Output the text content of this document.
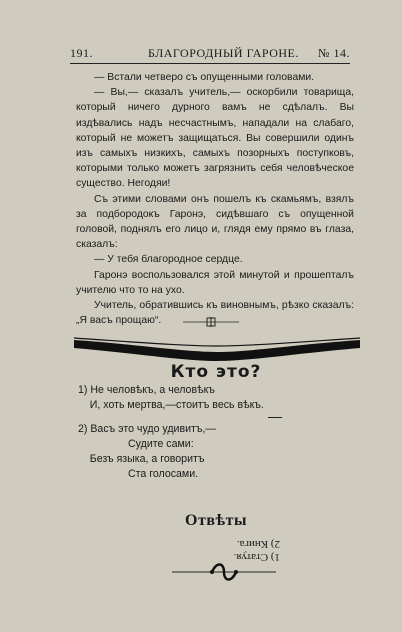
191.	БЛАГОРОДНЫЙ ГАРОНЕ. № 14.

— Встали четверо съ опущенными головами.

— Вы,— сказалъ учитель,— оскорбили товарища, который ничего дурного вамъ не сдѣлалъ. Вы издѣвались надъ несчастнымъ, нападали на слабаго, который не можетъ защищаться. Вы совершили одинъ изъ самыхъ низкихъ, самыхъ позорныхъ поступковъ, которыми только можетъ загрязнить себя человѣческое существо. Негодяи!

Съ этими словами онъ пошелъ къ скамьямъ, взялъ за подбородокъ Гаронэ, сидѣвшаго съ опущенной головой, поднялъ его лицо и, глядя ему прямо въ глаза, сказалъ:

— У тебя благородное сердце.

Гаронэ воспользовался этой минутой и прошепталъ учителю что то на ухо.

Учитель, обратившись къ виновнымъ, рѣзко сказалъ: „Я васъ прощаю“.

Кто это?
1) Не человѣкъ, а человѣкъ
И, хоть мертва,—стоитъ весь вѣкъ.
2) Васъ это чудо удивитъ,—
Судите сами:
Безъ языка, а говоритъ
Ста голосами.
Отвѣты
1) Статуя.
2) Книга.
